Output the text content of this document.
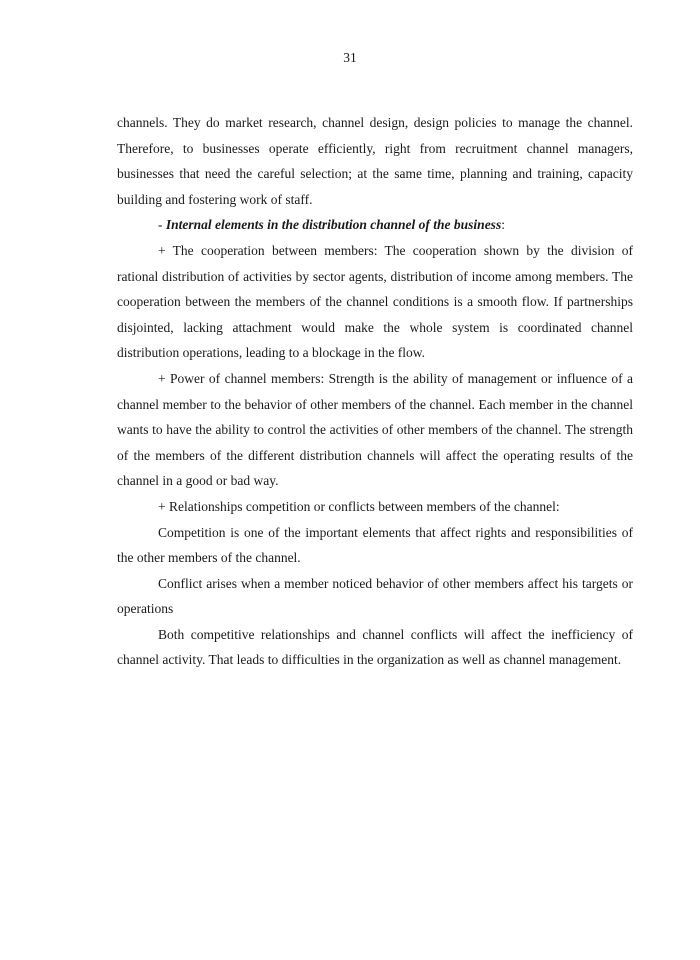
31

channels. They do market research, channel design, design policies to manage the channel. Therefore, to businesses operate efficiently, right from recruitment channel managers, businesses that need the careful selection; at the same time, planning and training, capacity building and fostering work of staff.

- Internal elements in the distribution channel of the business:

+ The cooperation between members: The cooperation shown by the division of rational distribution of activities by sector agents, distribution of income among members. The cooperation between the members of the channel conditions is a smooth flow. If partnerships disjointed, lacking attachment would make the whole system is coordinated channel distribution operations, leading to a blockage in the flow.

+ Power of channel members: Strength is the ability of management or influence of a channel member to the behavior of other members of the channel. Each member in the channel wants to have the ability to control the activities of other members of the channel. The strength of the members of the different distribution channels will affect the operating results of the channel in a good or bad way.

+ Relationships competition or conflicts between members of the channel:

Competition is one of the important elements that affect rights and responsibilities of the other members of the channel.

Conflict arises when a member noticed behavior of other members affect his targets or operations

Both competitive relationships and channel conflicts will affect the inefficiency of channel activity. That leads to difficulties in the organization as well as channel management.
